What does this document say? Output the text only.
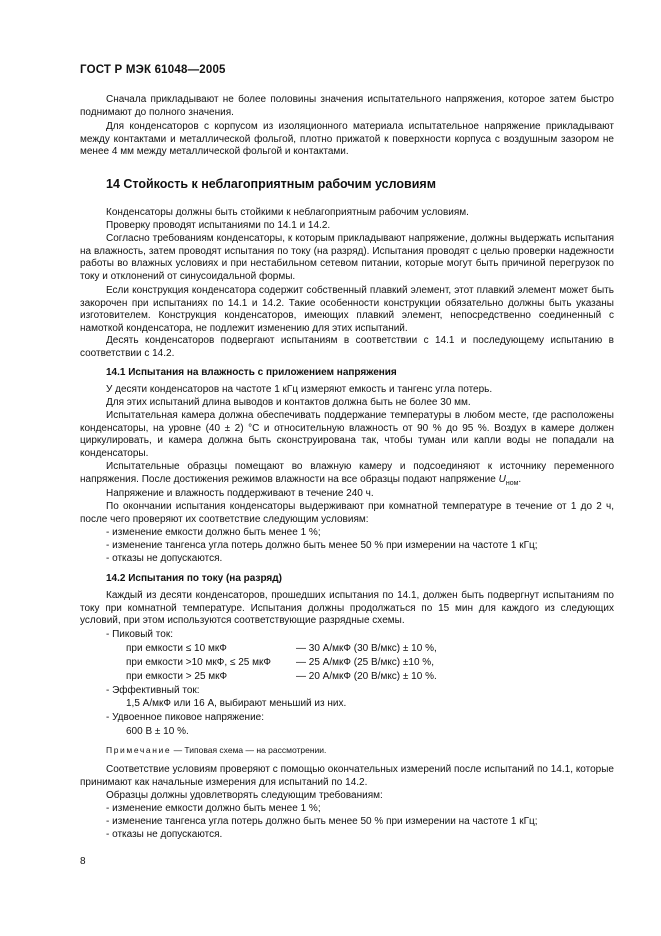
ГОСТ Р МЭК 61048—2005
Сначала прикладывают не более половины значения испытательного напряжения, которое затем быстро поднимают до полного значения.
Для конденсаторов с корпусом из изоляционного материала испытательное напряжение прикладывают между контактами и металлической фольгой, плотно прижатой к поверхности корпуса с воздушным зазором не менее 4 мм между металлической фольгой и контактами.
14 Стойкость к неблагоприятным рабочим условиям
Конденсаторы должны быть стойкими к неблагоприятным рабочим условиям.
Проверку проводят испытаниями по 14.1 и 14.2.
Согласно требованиям конденсаторы, к которым прикладывают напряжение, должны выдержать испытания на влажность, затем проводят испытания по току (на разряд). Испытания проводят с целью проверки надежности работы во влажных условиях и при нестабильном сетевом питании, которые могут быть причиной перегрузок по току и отклонений от синусоидальной формы.
Если конструкция конденсатора содержит собственный плавкий элемент, этот плавкий элемент может быть закорочен при испытаниях по 14.1 и 14.2. Такие особенности конструкции обязательно должны быть указаны изготовителем. Конструкция конденсаторов, имеющих плавкий элемент, непосредственно соединенный с намоткой конденсатора, не подлежит изменению для этих испытаний.
Десять конденсаторов подвергают испытаниям в соответствии с 14.1 и последующему испытанию в соответствии с 14.2.
14.1 Испытания на влажность с приложением напряжения
У десяти конденсаторов на частоте 1 кГц измеряют емкость и тангенс угла потерь.
Для этих испытаний длина выводов и контактов должна быть не более 30 мм.
Испытательная камера должна обеспечивать поддержание температуры в любом месте, где расположены конденсаторы, на уровне (40 ± 2) °С и относительную влажность от 90 % до 95 %. Воздух в камере должен циркулировать, и камера должна быть сконструирована так, чтобы туман или капли воды не попадали на конденсаторы.
Испытательные образцы помещают во влажную камеру и подсоединяют к источнику переменного напряжения. После достижения режимов влажности на все образцы подают напряжение $U_{ном}$.
Напряжение и влажность поддерживают в течение 240 ч.
По окончании испытания конденсаторы выдерживают при комнатной температуре в течение от 1 до 2 ч, после чего проверяют их соответствие следующим условиям:
- изменение емкости должно быть менее 1 %;
- изменение тангенса угла потерь должно быть менее 50 % при измерении на частоте 1 кГц;
- отказы не допускаются.
14.2 Испытания по току (на разряд)
Каждый из десяти конденсаторов, прошедших испытания по 14.1, должен быть подвергнут испытаниям по току при комнатной температуре. Испытания должны продолжаться по 15 мин для каждого из следующих условий, при этом используются соответствующие разрядные схемы.
- Пиковый ток:
при емкости ≤ 10 мкФ	— 30 А/мкФ (30 В/мкс) ± 10 %,
при емкости >10 мкФ, ≤ 25 мкФ	— 25 А/мкФ (25 В/мкс) ±10 %,
при емкости > 25 мкФ	— 20 А/мкФ (20 В/мкс) ± 10 %.
- Эффективный ток:
1,5 А/мкФ или 16 А, выбирают меньший из них.
- Удвоенное пиковое напряжение:
600 В ± 10 %.
Примечание — Типовая схема — на рассмотрении.
Соответствие условиям проверяют с помощью окончательных измерений после испытаний по 14.1, которые принимают как начальные измерения для испытаний по 14.2.
Образцы должны удовлетворять следующим требованиям:
- изменение емкости должно быть менее 1 %;
- изменение тангенса угла потерь должно быть менее 50 % при измерении на частоте 1 кГц;
- отказы не допускаются.
8
